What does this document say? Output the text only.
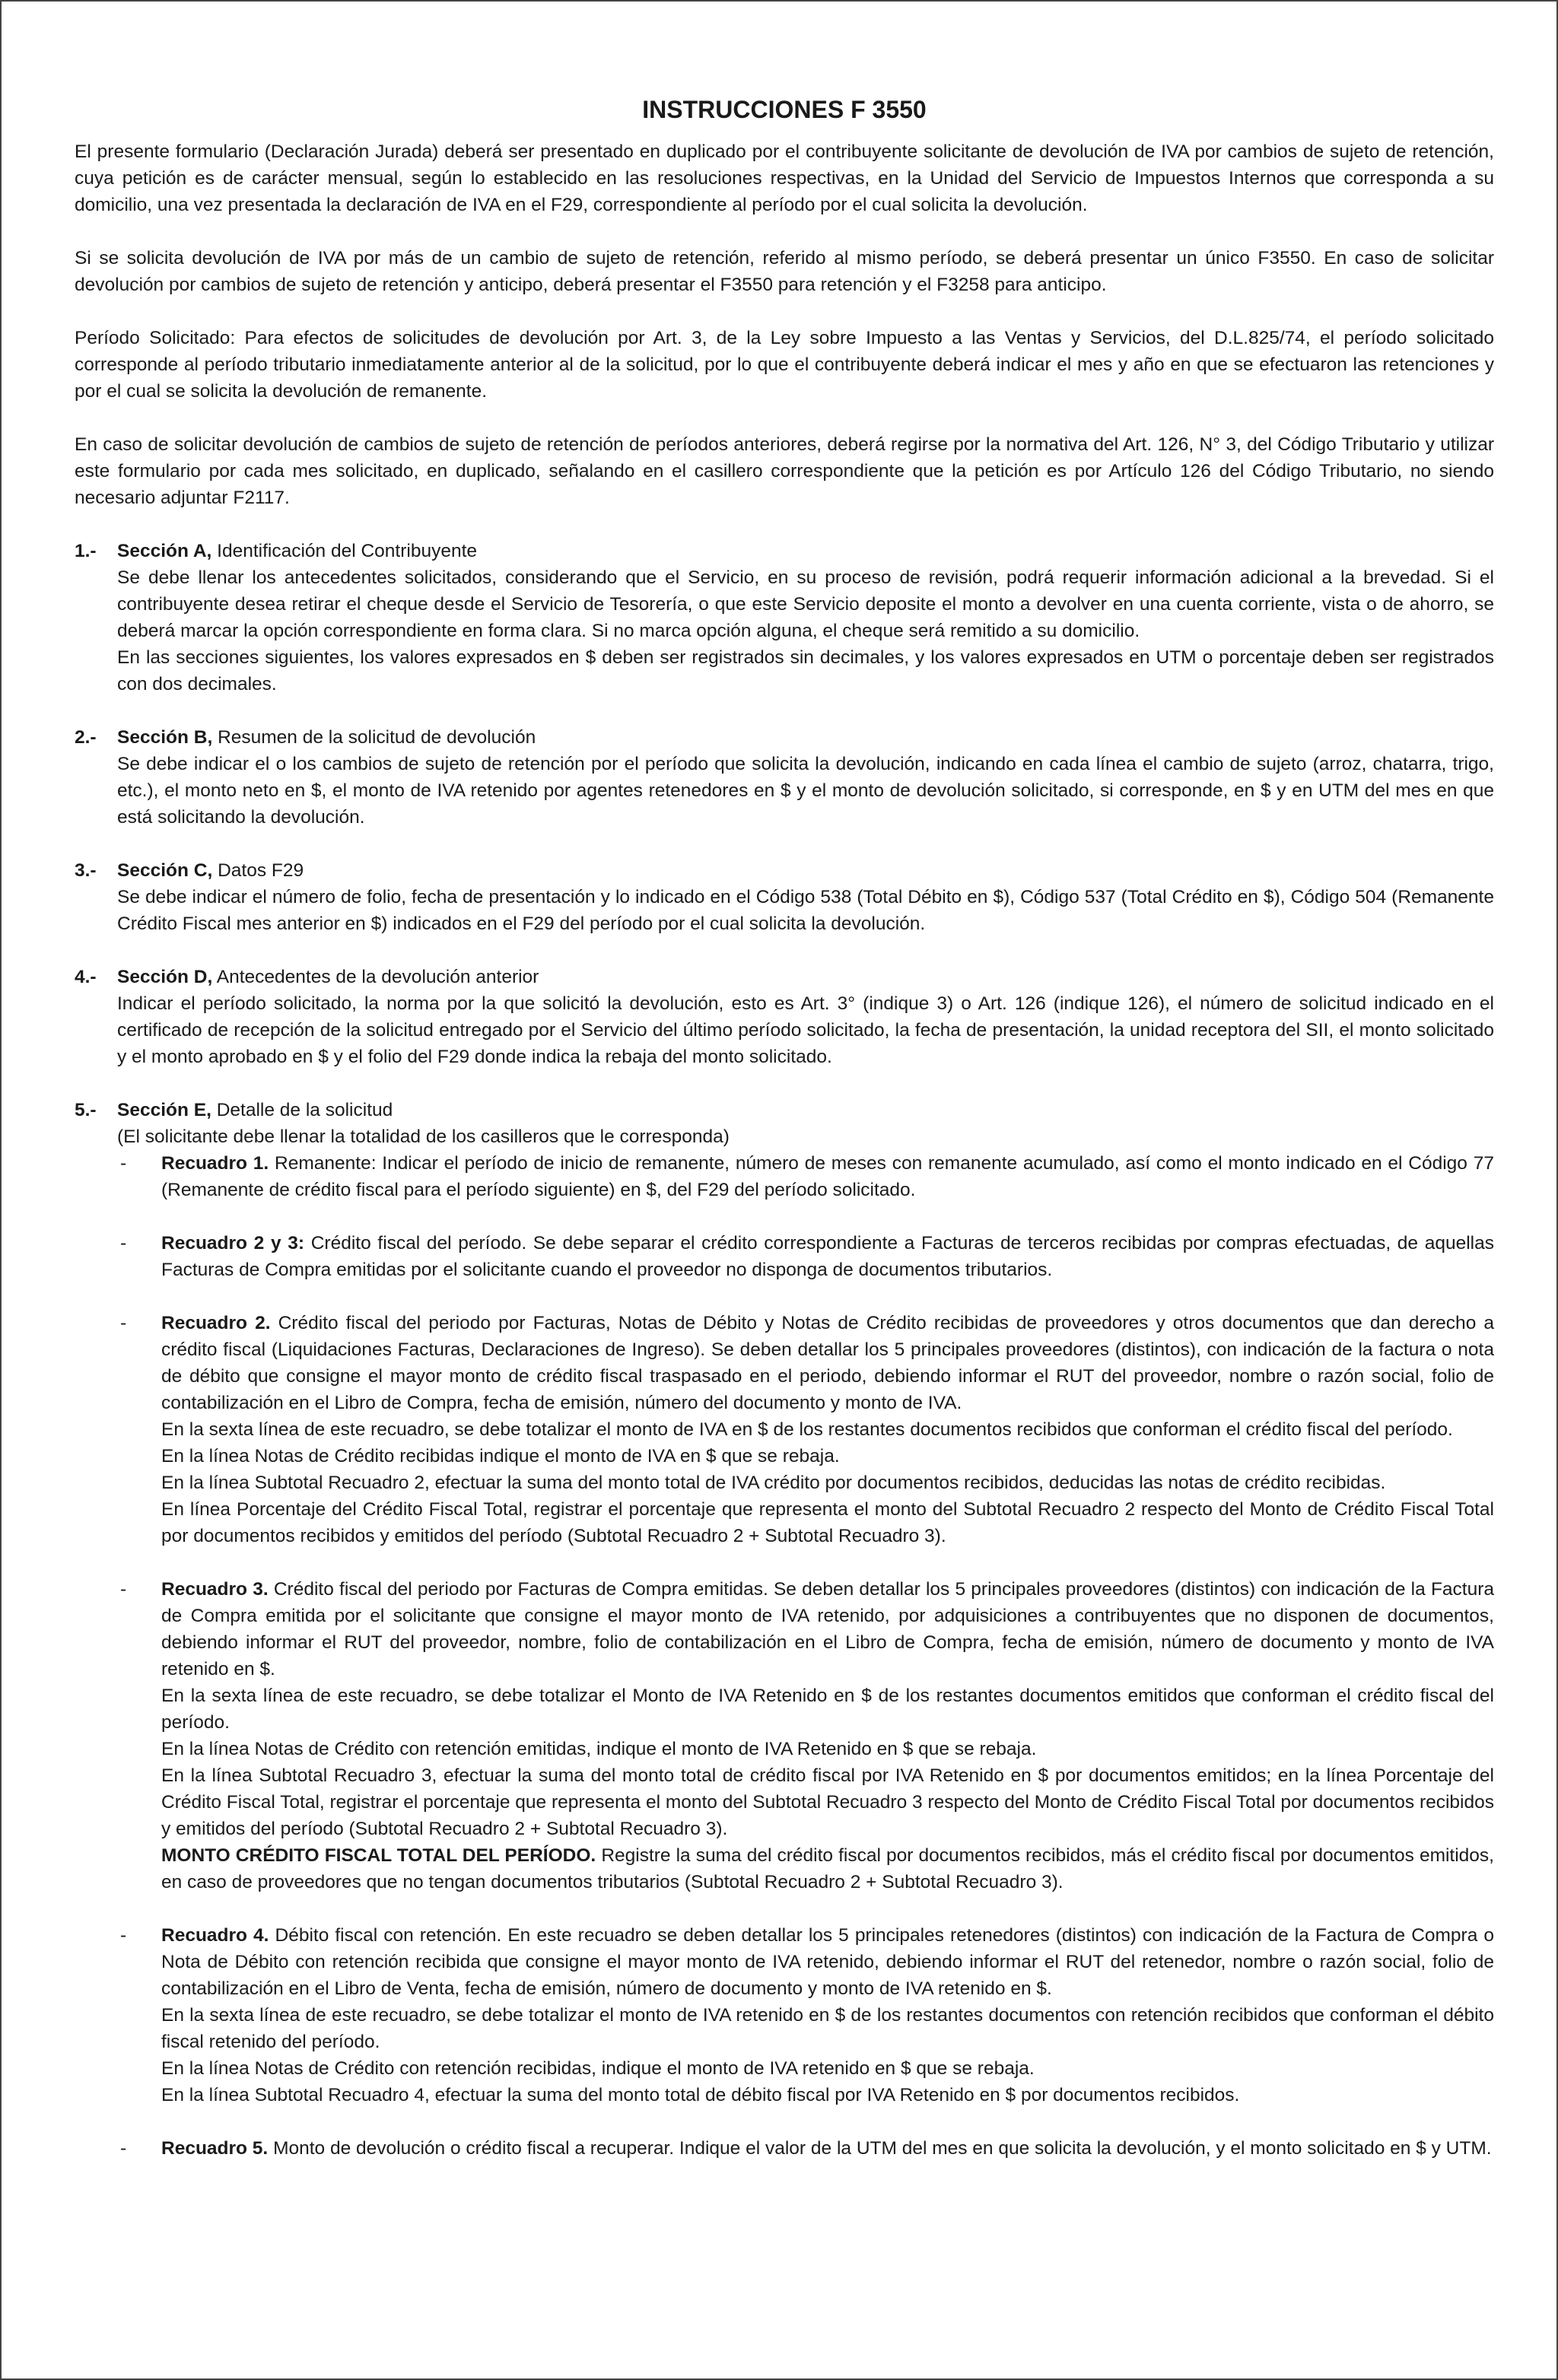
INSTRUCCIONES F 3550

El presente formulario (Declaración Jurada) deberá ser presentado en duplicado por el contribuyente solicitante de devolución de IVA por cambios de sujeto de retención, cuya petición es de carácter mensual, según lo establecido en las resoluciones respectivas, en la Unidad del Servicio de Impuestos Internos que corresponda a su domicilio, una vez presentada la declaración de IVA en el F29, correspondiente al período por el cual solicita la devolución.

Si se solicita devolución de IVA por más de un cambio de sujeto de retención, referido al mismo período, se deberá presentar un único F3550. En caso de solicitar devolución por cambios de sujeto de retención y anticipo, deberá presentar el F3550 para retención y el F3258 para anticipo.

Período Solicitado: Para efectos de solicitudes de devolución por Art. 3, de la Ley sobre Impuesto a las Ventas y Servicios, del D.L.825/74, el período solicitado corresponde al período tributario inmediatamente anterior al de la solicitud, por lo que el contribuyente deberá indicar el mes y año en que se efectuaron las retenciones y por el cual se solicita la devolución de remanente.

En caso de solicitar devolución de cambios de sujeto de retención de períodos anteriores, deberá regirse por la normativa del Art. 126, N° 3, del Código Tributario y utilizar este formulario por cada mes solicitado, en duplicado, señalando en el casillero correspondiente que la petición es por Artículo 126 del Código Tributario, no siendo necesario adjuntar F2117.

1.-	Sección A, Identificación del Contribuyente

Se debe llenar los antecedentes solicitados, considerando que el Servicio, en su proceso de revisión, podrá requerir información adicional a la brevedad. Si el contribuyente desea retirar el cheque desde el Servicio de Tesorería, o que este Servicio deposite el monto a devolver en una cuenta corriente, vista o de ahorro, se deberá marcar la opción correspondiente en forma clara. Si no marca opción alguna, el cheque será remitido a su domicilio.

En las secciones siguientes, los valores expresados en $ deben ser registrados sin decimales, y los valores expresados en UTM o porcentaje deben ser registrados con dos decimales.

2.-	Sección B, Resumen de la solicitud de devolución

Se debe indicar el o los cambios de sujeto de retención por el período que solicita la devolución, indicando en cada línea el cambio de sujeto (arroz, chatarra, trigo, etc.), el monto neto en $, el monto de IVA retenido por agentes retenedores en $ y el monto de devolución solicitado, si corresponde, en $ y en UTM del mes en que está solicitando la devolución.

3.-	Sección C, Datos F29

Se debe indicar el número de folio, fecha de presentación y lo indicado en el Código 538 (Total Débito en $), Código 537 (Total Crédito en $), Código 504 (Remanente Crédito Fiscal mes anterior en $) indicados en el F29 del período por el cual solicita la devolución.

4.-	Sección D, Antecedentes de la devolución anterior

Indicar el período solicitado, la norma por la que solicitó la devolución, esto es Art. 3° (indique 3) o Art. 126 (indique 126), el número de solicitud indicado en el certificado de recepción de la solicitud entregado por el Servicio del último período solicitado, la fecha de presentación, la unidad receptora del SII, el monto solicitado y el monto aprobado en $ y el folio del F29 donde indica la rebaja del monto solicitado.

5.-	Sección E, Detalle de la solicitud

(El solicitante debe llenar la totalidad de los casilleros que le corresponda)

-	Recuadro 1. Remanente: Indicar el período de inicio de remanente, número de meses con remanente acumulado, así como el monto indicado en el Código 77 (Remanente de crédito fiscal para el período siguiente) en $, del F29 del período solicitado.

-	Recuadro 2 y 3: Crédito fiscal del período. Se debe separar el crédito correspondiente a Facturas de terceros recibidas por compras efectuadas, de aquellas Facturas de Compra emitidas por el solicitante cuando el proveedor no disponga de documentos tributarios.

-	Recuadro 2. Crédito fiscal del periodo por Facturas, Notas de Débito y Notas de Crédito recibidas de proveedores y otros documentos que dan derecho a crédito fiscal (Liquidaciones Facturas, Declaraciones de Ingreso). Se deben detallar los 5 principales proveedores (distintos), con indicación de la factura o nota de débito que consigne el mayor monto de crédito fiscal traspasado en el periodo, debiendo informar el RUT del proveedor, nombre o razón social, folio de contabilización en el Libro de Compra, fecha de emisión, número del documento y monto de IVA.

En la sexta línea de este recuadro, se debe totalizar el monto de IVA en $ de los restantes documentos recibidos que conforman el crédito fiscal del período.

En la línea Notas de Crédito recibidas indique el monto de IVA en $ que se rebaja.

En la línea Subtotal Recuadro 2, efectuar la suma del monto total de IVA crédito por documentos recibidos, deducidas las notas de crédito recibidas.

En línea Porcentaje del Crédito Fiscal Total, registrar el porcentaje que representa el monto del Subtotal Recuadro 2 respecto del Monto de Crédito Fiscal Total por documentos recibidos y emitidos del período (Subtotal Recuadro 2 + Subtotal Recuadro 3).

-	Recuadro 3. Crédito fiscal del periodo por Facturas de Compra emitidas. Se deben detallar los 5 principales proveedores (distintos) con indicación de la Factura de Compra emitida por el solicitante que consigne el mayor monto de IVA retenido, por adquisiciones a contribuyentes que no disponen de documentos, debiendo informar el RUT del proveedor, nombre, folio de contabilización en el Libro de Compra, fecha de emisión, número de documento y monto de IVA retenido en $.

En la sexta línea de este recuadro, se debe totalizar el Monto de IVA Retenido en $ de los restantes documentos emitidos que conforman el crédito fiscal del período.

En la línea Notas de Crédito con retención emitidas, indique el monto de IVA Retenido en $ que se rebaja.

En la línea Subtotal Recuadro 3, efectuar la suma del monto total de crédito fiscal por IVA Retenido en $ por documentos emitidos; en la línea Porcentaje del Crédito Fiscal Total, registrar el porcentaje que representa el monto del Subtotal Recuadro 3 respecto del Monto de Crédito Fiscal Total por documentos recibidos y emitidos del período (Subtotal Recuadro 2 + Subtotal Recuadro 3).

MONTO CRÉDITO FISCAL TOTAL DEL PERÍODO. Registre la suma del crédito fiscal por documentos recibidos, más el crédito fiscal por documentos emitidos, en caso de proveedores que no tengan documentos tributarios (Subtotal Recuadro 2 + Subtotal Recuadro 3).

-	Recuadro 4. Débito fiscal con retención. En este recuadro se deben detallar los 5 principales retenedores (distintos) con indicación de la Factura de Compra o Nota de Débito con retención recibida que consigne el mayor monto de IVA retenido, debiendo informar el RUT del retenedor, nombre o razón social, folio de contabilización en el Libro de Venta, fecha de emisión, número de documento y monto de IVA retenido en $.

En la sexta línea de este recuadro, se debe totalizar el monto de IVA retenido en $ de los restantes documentos con retención recibidos que conforman el débito fiscal retenido del período.

En la línea Notas de Crédito con retención recibidas, indique el monto de IVA retenido en $ que se rebaja.

En la línea Subtotal Recuadro 4, efectuar la suma del monto total de débito fiscal por IVA Retenido en $ por documentos recibidos.

-	Recuadro 5. Monto de devolución o crédito fiscal a recuperar. Indique el valor de la UTM del mes en que solicita la devolución, y el monto solicitado en $ y UTM.
